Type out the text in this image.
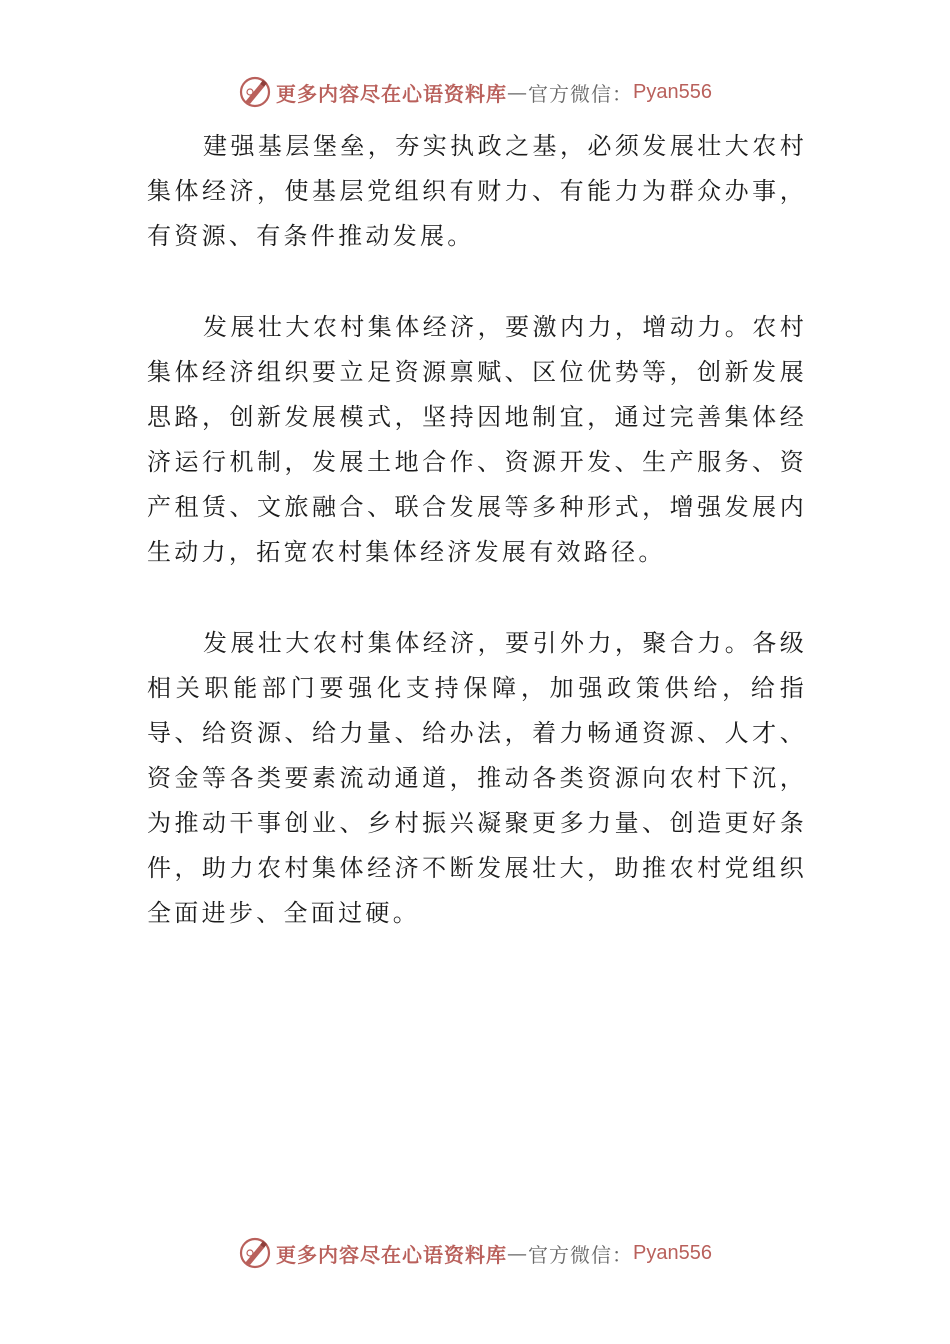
更多内容尽在心语资料库 — 官方微信： Pyan556

建强基层堡垒，夯实执政之基，必须发展壮大农村集体经济，使基层党组织有财力、有能力为群众办事，有资源、有条件推动发展。

发展壮大农村集体经济，要激内力，增动力。农村集体经济组织要立足资源禀赋、区位优势等，创新发展思路，创新发展模式，坚持因地制宜，通过完善集体经济运行机制，发展土地合作、资源开发、生产服务、资产租赁、文旅融合、联合发展等多种形式，增强发展内生动力，拓宽农村集体经济发展有效路径。

发展壮大农村集体经济，要引外力，聚合力。各级相关职能部门要强化支持保障，加强政策供给，给指导、给资源、给力量、给办法，着力畅通资源、人才、资金等各类要素流动通道，推动各类资源向农村下沉，为推动干事创业、乡村振兴凝聚更多力量、创造更好条件，助力农村集体经济不断发展壮大，助推农村党组织全面进步、全面过硬。

更多内容尽在心语资料库 — 官方微信： Pyan556
